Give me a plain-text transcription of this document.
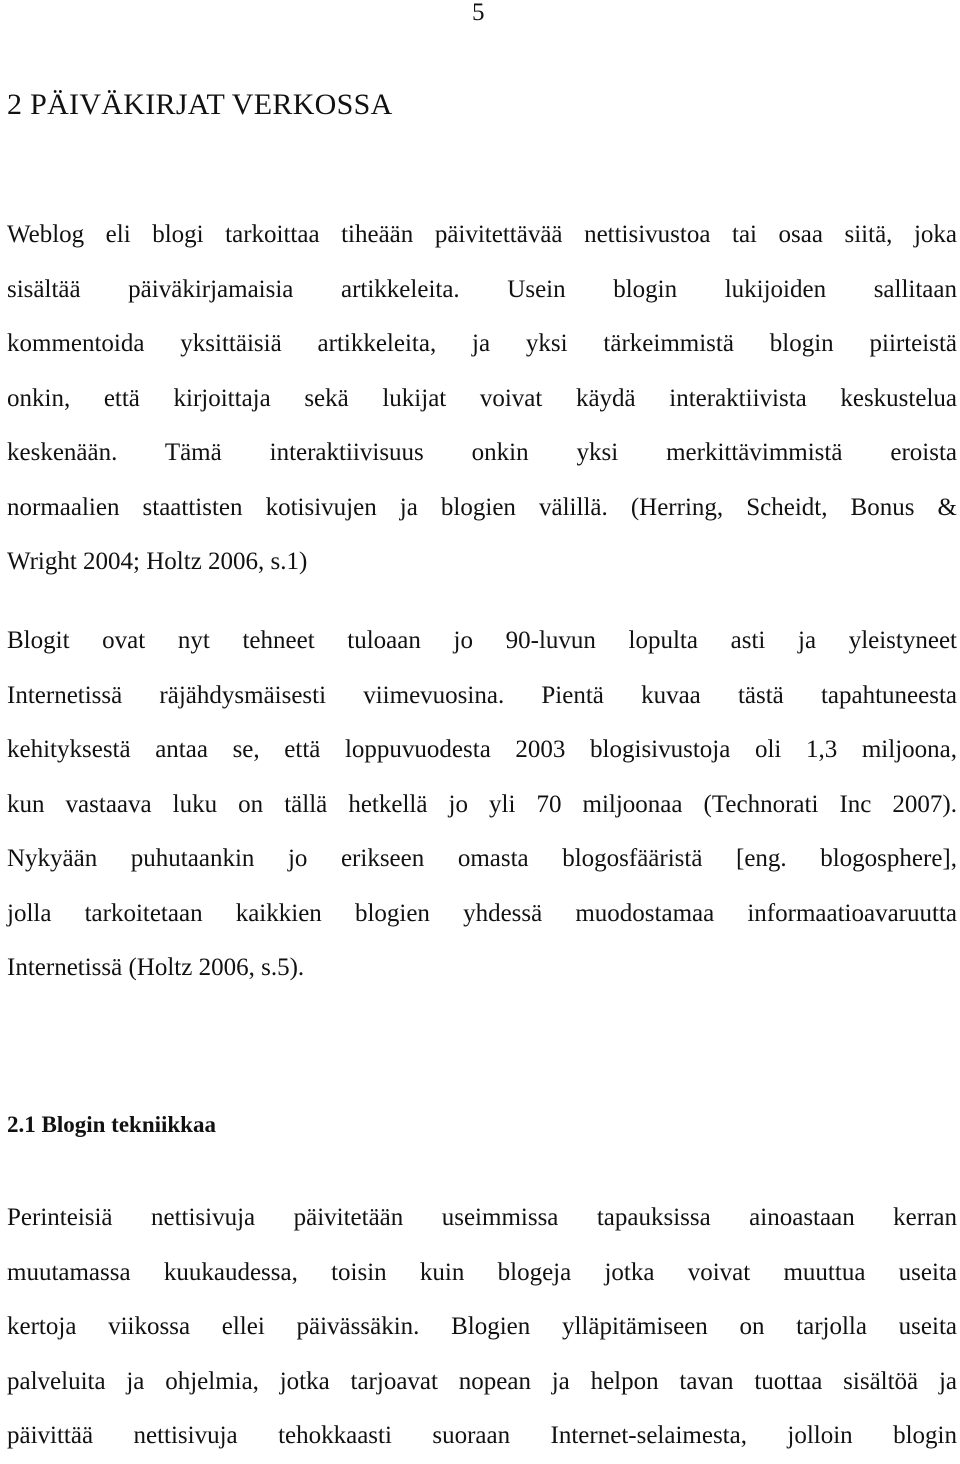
5
2 PÄIVÄKIRJAT VERKOSSA
Weblog eli blogi tarkoittaa tiheään päivitettävää nettisivustoa tai osaa siitä, joka
sisältää päiväkirjamaisia artikkeleita. Usein blogin lukijoiden sallitaan
kommentoida yksittäisiä artikkeleita, ja yksi tärkeimmistä blogin piirteistä
onkin, että kirjoittaja sekä lukijat voivat käydä interaktiivista keskustelua
keskenään. Tämä interaktiivisuus onkin yksi merkittävimmistä eroista
normaalien staattisten kotisivujen ja blogien välillä. (Herring, Scheidt, Bonus &
Wright 2004; Holtz 2006, s.1)
Blogit ovat nyt tehneet tuloaan jo 90-luvun lopulta asti ja yleistyneet
Internetissä räjähdysmäisesti viimevuosina. Pientä kuvaa tästä tapahtuneesta
kehityksestä antaa se, että loppuvuodesta 2003 blogisivustoja oli 1,3 miljoona,
kun vastaava luku on tällä hetkellä jo yli 70 miljoonaa (Technorati Inc 2007).
Nykyään puhutaankin jo erikseen omasta blogosfääristä [eng. blogosphere],
jolla tarkoitetaan kaikkien blogien yhdessä muodostamaa informaatioavaruutta
Internetissä (Holtz 2006, s.5).
2.1 Blogin tekniikkaa
Perinteisiä nettisivuja päivitetään useimmissa tapauksissa ainoastaan kerran
muutamassa kuukaudessa, toisin kuin blogeja jotka voivat muuttua useita
kertoja viikossa ellei päivässäkin. Blogien ylläpitämiseen on tarjolla useita
palveluita ja ohjelmia, jotka tarjoavat nopean ja helpon tavan tuottaa sisältöä ja
päivittää nettisivuja tehokkaasti suoraan Internet-selaimesta, jolloin blogin
